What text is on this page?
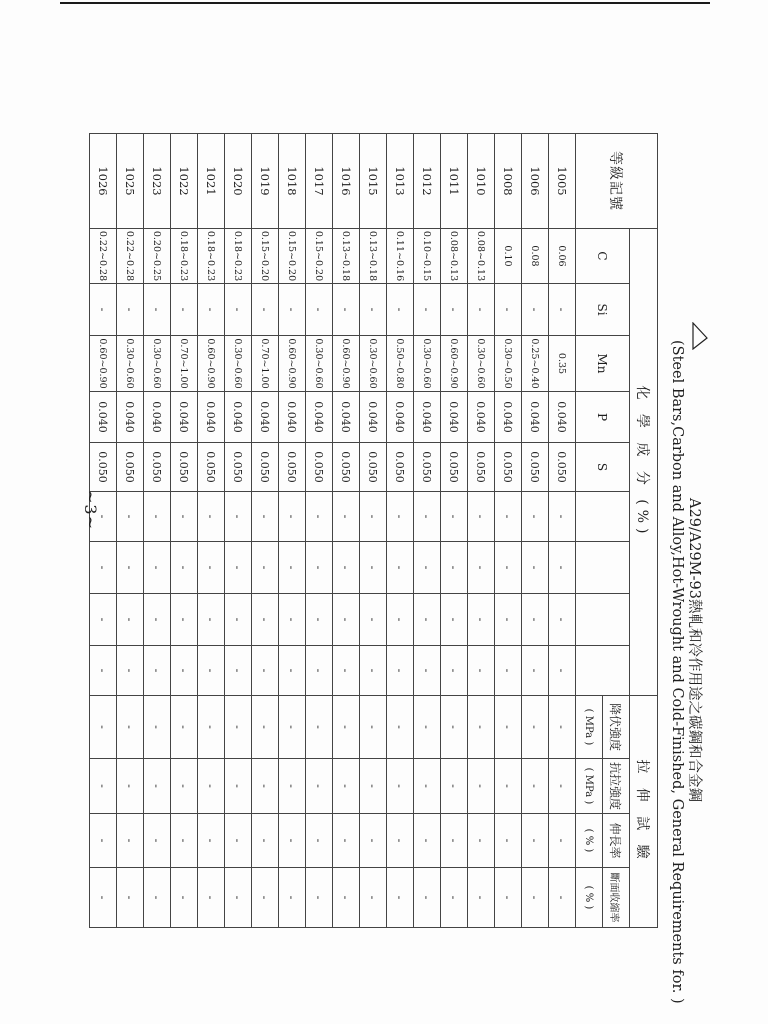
A29/A29M-93熱軋和冷作用途之碳鋼和合金鋼
(Steel Bars,Carbon and Alloy,Hot-Wrought and Cold-Finished, General Requirements for. )
等級記號	化 學 成 分 (%)									拉 伸 試 驗			
	C	Si	Mn	P	S					降伏強度	抗拉強度	伸長率	斷面收縮率
										( MPa )	( MPa )	( % )	( % )
1005	0.06	-	0.35	0.040	0.050	-	-	-	-	-	-	-	-
1006	0.08	-	0.25~0.40	0.040	0.050	-	-	-	-	-	-	-	-
1008	0.10	-	0.30~0.50	0.040	0.050	-	-	-	-	-	-	-	-
1010	0.08~0.13	-	0.30~0.60	0.040	0.050	-	-	-	-	-	-	-	-
1011	0.08~0.13	-	0.60~0.90	0.040	0.050	-	-	-	-	-	-	-	-
1012	0.10~0.15	-	0.30~0.60	0.040	0.050	-	-	-	-	-	-	-	-
1013	0.11~0.16	-	0.50~0.80	0.040	0.050	-	-	-	-	-	-	-	-
1015	0.13~0.18	-	0.30~0.60	0.040	0.050	-	-	-	-	-	-	-	-
1016	0.13~0.18	-	0.60~0.90	0.040	0.050	-	-	-	-	-	-	-	-
1017	0.15~0.20	-	0.30~0.60	0.040	0.050	-	-	-	-	-	-	-	-
1018	0.15~0.20	-	0.60~0.90	0.040	0.050	-	-	-	-	-	-	-	-
1019	0.15~0.20	-	0.70~1.00	0.040	0.050	-	-	-	-	-	-	-	-
1020	0.18~0.23	-	0.30~0.60	0.040	0.050	-	-	-	-	-	-	-	-
1021	0.18~0.23	-	0.60~0.90	0.040	0.050	-	-	-	-	-	-	-	-
1022	0.18~0.23	-	0.70~1.00	0.040	0.050	-	-	-	-	-	-	-	-
1023	0.20~0.25	-	0.30~0.60	0.040	0.050	-	-	-	-	-	-	-	-
1025	0.22~0.28	-	0.30~0.60	0.040	0.050	-	-	-	-	-	-	-	-
1026	0.22~0.28	-	0.60~0.90	0.040	0.050	-	-	-	-	-	-	-	-
~3~
